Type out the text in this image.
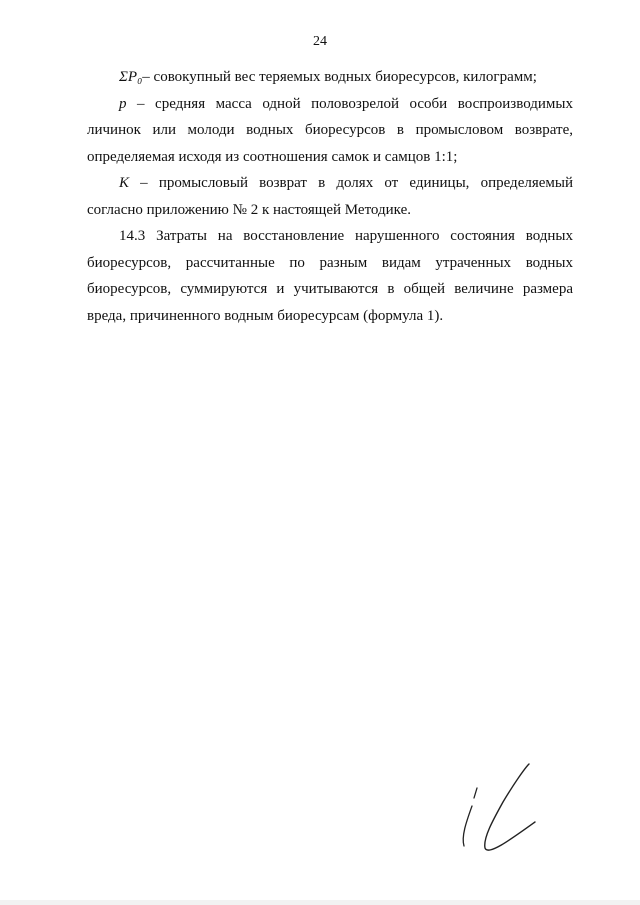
24

ΣP₀– совокупный вес теряемых водных биоресурсов, килограмм;

p – средняя масса одной половозрелой особи воспроизводимых личинок или молоди водных биоресурсов в промысловом возврате, определяемая исходя из соотношения самок и самцов 1:1;

K – промысловый возврат в долях от единицы, определяемый согласно приложению № 2 к настоящей Методике.

14.3 Затраты на восстановление нарушенного состояния водных биоресурсов, рассчитанные по разным видам утраченных водных биоресурсов, суммируются и учитываются в общей величине размера вреда, причиненного водным биоресурсам (формула 1).
